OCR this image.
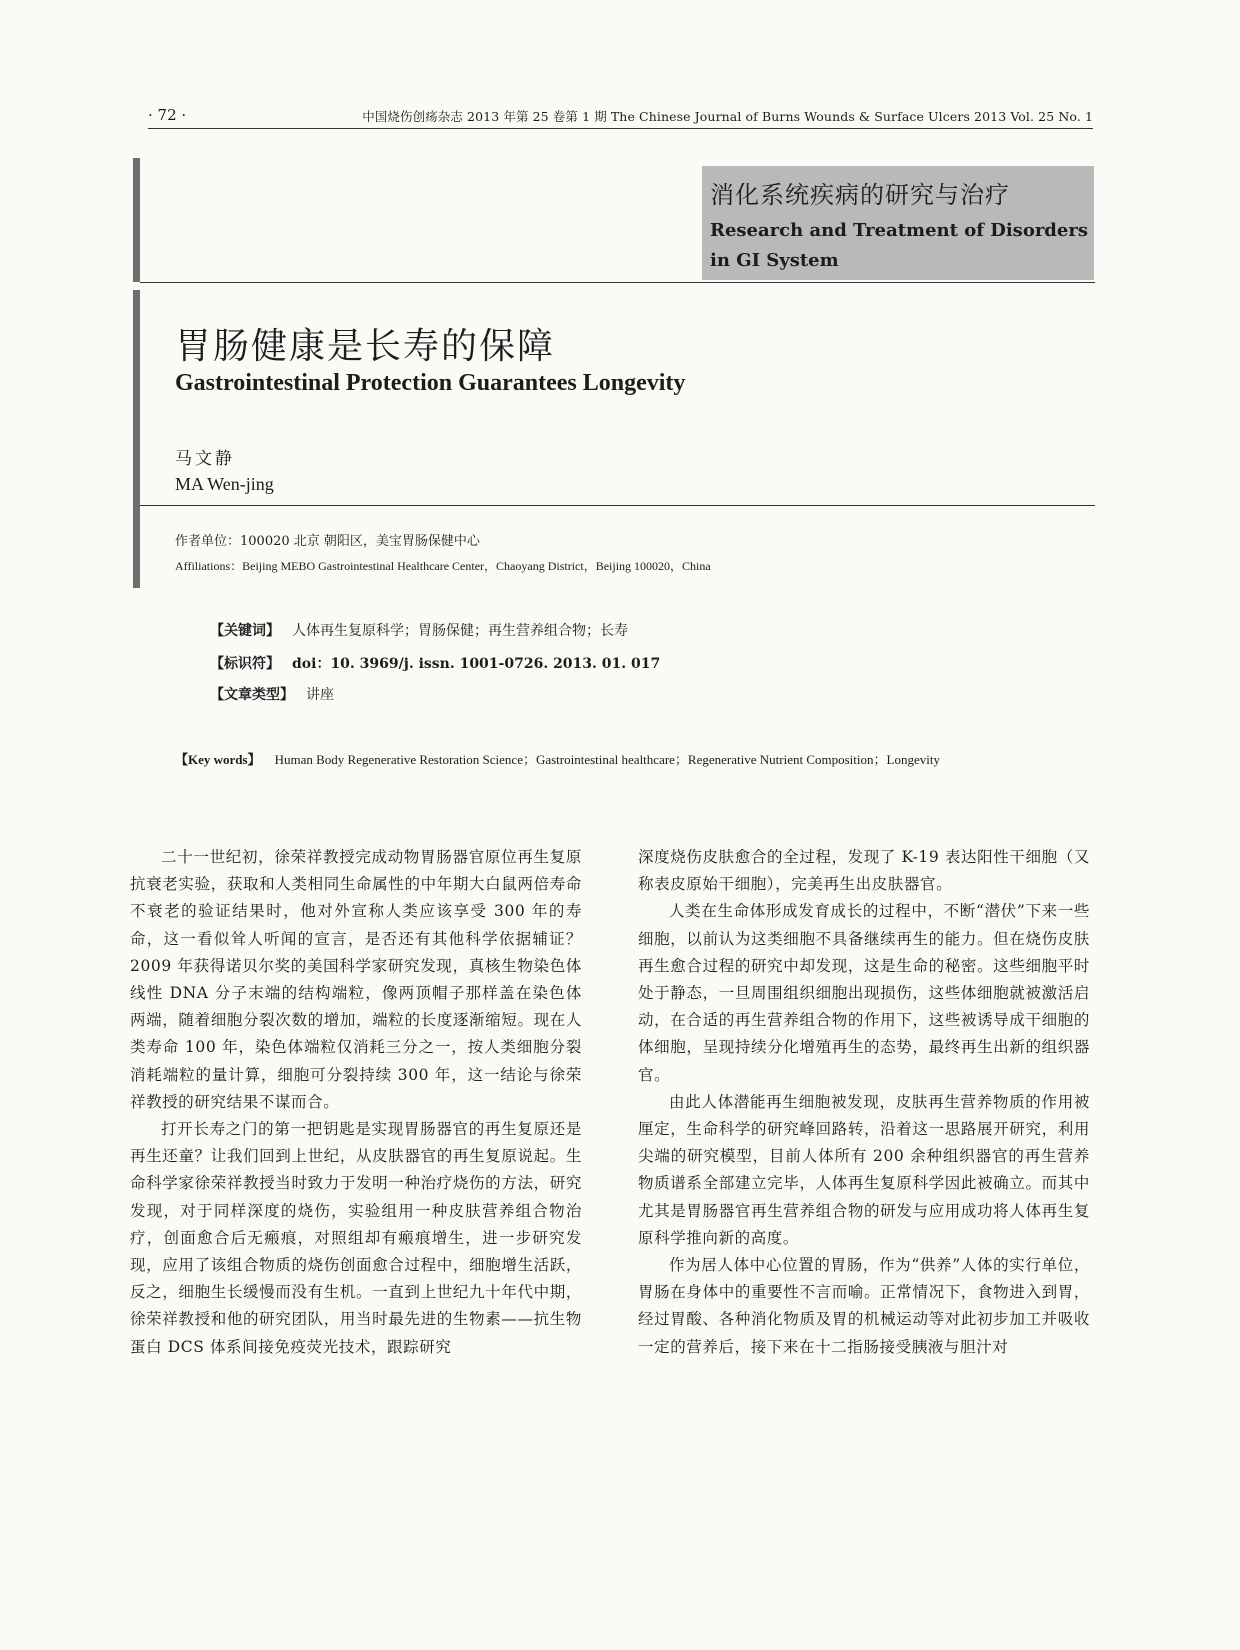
· 72 ·	中国烧伤创疡杂志 2013 年第 25 卷第 1 期 The Chinese Journal of Burns Wounds & Surface Ulcers 2013 Vol. 25 No. 1
消化系统疾病的研究与治疗
Research and Treatment of Disorders in GI System
胃肠健康是长寿的保障
Gastrointestinal Protection Guarantees Longevity
马文静
MA Wen-jing
作者单位：100020 北京 朝阳区，美宝胃肠保健中心
Affiliations：Beijing MEBO Gastrointestinal Healthcare Center，Chaoyang District，Beijing 100020，China
【关键词】 人体再生复原科学；胃肠保健；再生营养组合物；长寿
【标识符】 doi：10. 3969/j. issn. 1001-0726. 2013. 01. 017
【文章类型】 讲座
【Key words】 Human Body Regenerative Restoration Science；Gastrointestinal healthcare；Regenerative Nutrient Composition；Longevity

二十一世纪初，徐荣祥教授完成动物胃肠器官原位再生复原抗衰老实验，获取和人类相同生命属性的中年期大白鼠两倍寿命不衰老的验证结果时，他对外宣称人类应该享受 300 年的寿命，这一看似耸人听闻的宣言，是否还有其他科学依据辅证？2009 年获得诺贝尔奖的美国科学家研究发现，真核生物染色体线性 DNA 分子末端的结构端粒，像两顶帽子那样盖在染色体两端，随着细胞分裂次数的增加，端粒的长度逐渐缩短。现在人类寿命 100 年，染色体端粒仅消耗三分之一，按人类细胞分裂消耗端粒的量计算，细胞可分裂持续 300 年，这一结论与徐荣祥教授的研究结果不谋而合。

打开长寿之门的第一把钥匙是实现胃肠器官的再生复原还是再生还童？让我们回到上世纪，从皮肤器官的再生复原说起。生命科学家徐荣祥教授当时致力于发明一种治疗烧伤的方法，研究发现，对于同样深度的烧伤，实验组用一种皮肤营养组合物治疗，创面愈合后无瘢痕，对照组却有瘢痕增生，进一步研究发现，应用了该组合物质的烧伤创面愈合过程中，细胞增生活跃，反之，细胞生长缓慢而没有生机。一直到上世纪九十年代中期，徐荣祥教授和他的研究团队，用当时最先进的生物素——抗生物蛋白 DCS 体系间接免疫荧光技术，跟踪研究

深度烧伤皮肤愈合的全过程，发现了 K-19 表达阳性干细胞（又称表皮原始干细胞），完美再生出皮肤器官。

人类在生命体形成发育成长的过程中，不断“潜伏”下来一些细胞，以前认为这类细胞不具备继续再生的能力。但在烧伤皮肤再生愈合过程的研究中却发现，这是生命的秘密。这些细胞平时处于静态，一旦周围组织细胞出现损伤，这些体细胞就被激活启动，在合适的再生营养组合物的作用下，这些被诱导成干细胞的体细胞，呈现持续分化增殖再生的态势，最终再生出新的组织器官。

由此人体潜能再生细胞被发现，皮肤再生营养物质的作用被厘定，生命科学的研究峰回路转，沿着这一思路展开研究，利用尖端的研究模型，目前人体所有 200 余种组织器官的再生营养物质谱系全部建立完毕，人体再生复原科学因此被确立。而其中尤其是胃肠器官再生营养组合物的研发与应用成功将人体再生复原科学推向新的高度。

作为居人体中心位置的胃肠，作为“供养”人体的实行单位，胃肠在身体中的重要性不言而喻。正常情况下，食物进入到胃，经过胃酸、各种消化物质及胃的机械运动等对此初步加工并吸收一定的营养后，接下来在十二指肠接受胰液与胆汁对
